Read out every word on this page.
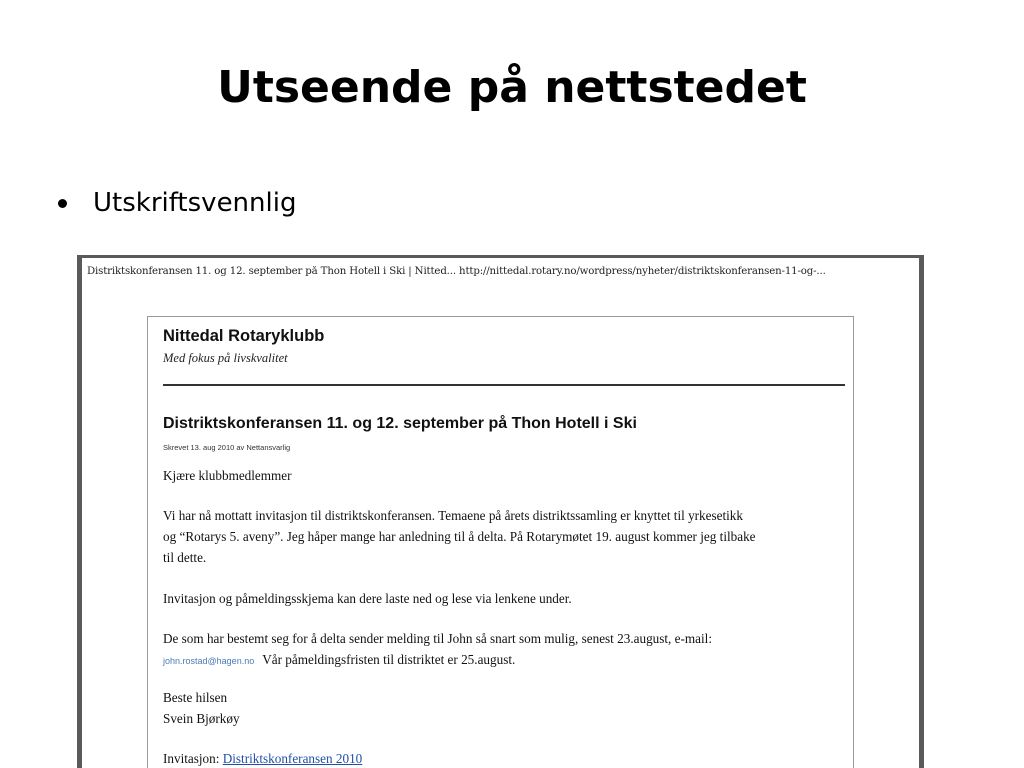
Utseende på nettstedet
Utskriftsvennlig
Distriktskonferansen 11. og 12. september på Thon Hotell i Ski | Nitted... http://nittedal.rotary.no/wordpress/nyheter/distriktskonferansen-11-og-...
Nittedal Rotaryklubb
Med fokus på livskvalitet
Distriktskonferansen 11. og 12. september på Thon Hotell i Ski
Skrevet 13. aug 2010 av Nettansvarlig
Kjære klubbmedlemmer
Vi har nå mottatt invitasjon til distriktskonferansen. Temaene på årets distriktssamling er knyttet til yrkesetikk
og “Rotarys 5. aveny”. Jeg håper mange har anledning til å delta. På Rotarymøtet 19. august kommer jeg tilbake
til dette.
Invitasjon og påmeldingsskjema kan dere laste ned og lese via lenkene under.
De som har bestemt seg for å delta sender melding til John så snart som mulig, senest 23.august, e-mail:
john.rostad@hagen.no Vår påmeldingsfristen til distriktet er 25.august.
Beste hilsen
Svein Bjørkøy
Invitasjon: Distriktskonferansen 2010
